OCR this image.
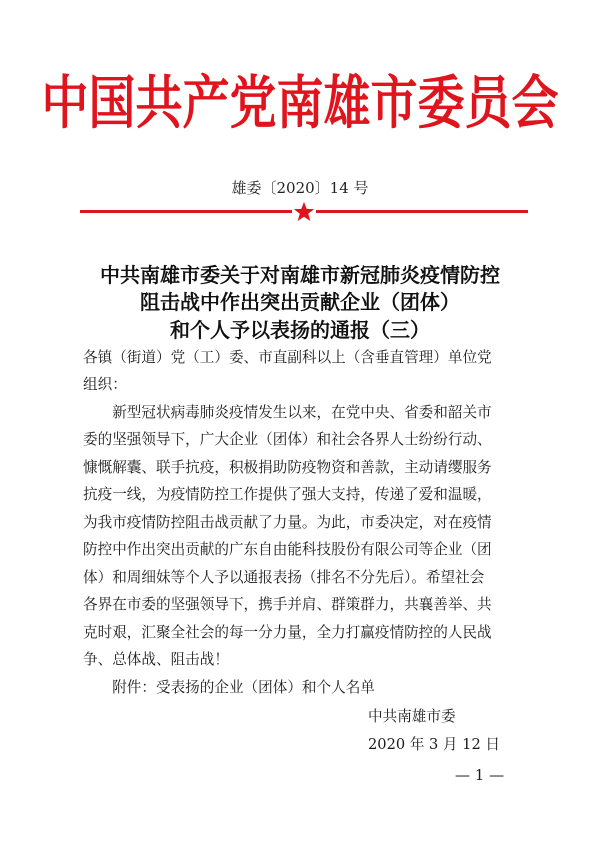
中国共产党南雄市委员会
雄委〔2020〕14 号
中共南雄市委关于对南雄市新冠肺炎疫情防控
阻击战中作出突出贡献企业（团体）
和个人予以表扬的通报（三）
各镇（街道）党（工）委、市直副科以上（含垂直管理）单位党
组织：
　　新型冠状病毒肺炎疫情发生以来，在党中央、省委和韶关市
委的坚强领导下，广大企业（团体）和社会各界人士纷纷行动、
慷慨解囊、联手抗疫，积极捐助防疫物资和善款，主动请缨服务
抗疫一线，为疫情防控工作提供了强大支持，传递了爱和温暖，
为我市疫情防控阻击战贡献了力量。为此，市委决定，对在疫情
防控中作出突出贡献的广东自由能科技股份有限公司等企业（团
体）和周细妹等个人予以通报表扬（排名不分先后）。希望社会
各界在市委的坚强领导下，携手并肩、群策群力，共襄善举、共
克时艰，汇聚全社会的每一分力量，全力打赢疫情防控的人民战
争、总体战、阻击战！
　　附件：受表扬的企业（团体）和个人名单
中共南雄市委
2020 年 3 月 12 日
— 1 —
